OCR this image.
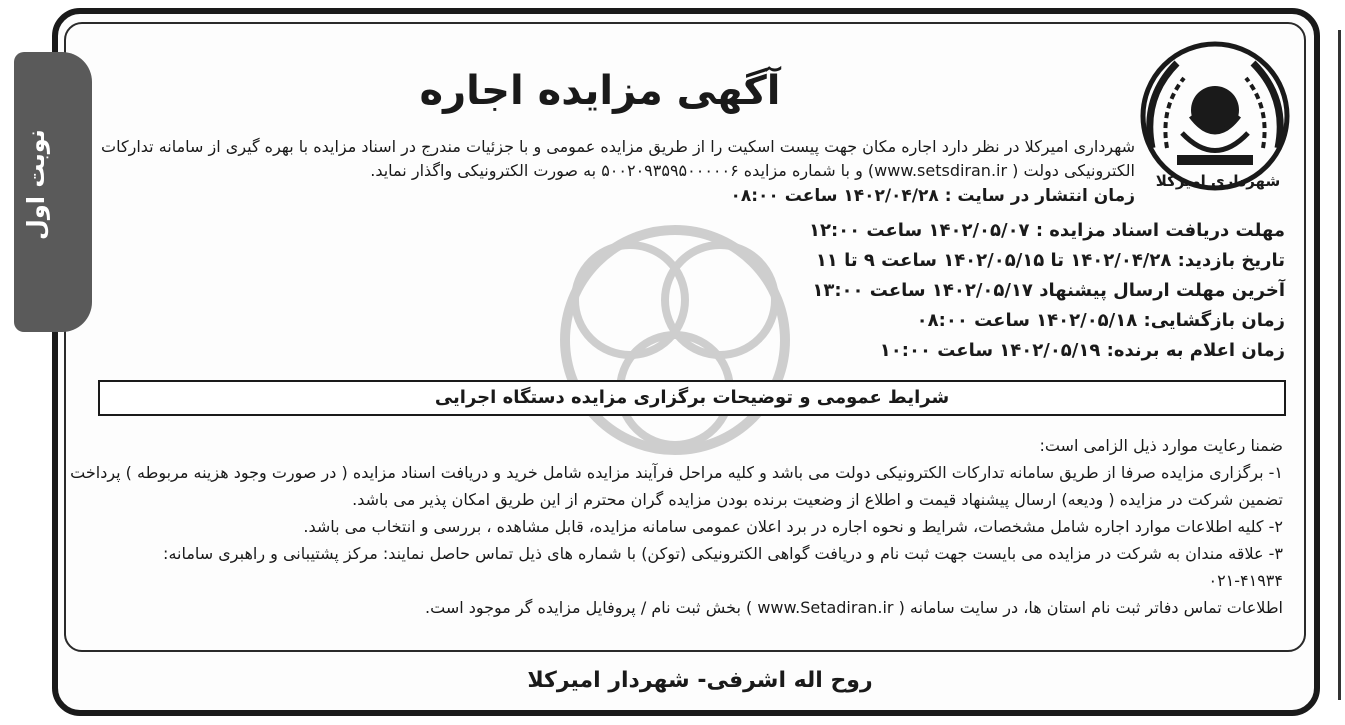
نوبت اول	شهرداری امیرکلا
آگهی مزایده اجاره
شهرداری امیرکلا در نظر دارد اجاره مکان جهت پیست اسکیت را از طریق مزایده عمومی و با جزئیات مندرج در اسناد مزایده با بهره گیری از سامانه تدارکات
الکترونیکی دولت ( www.setsdiran.ir) و با شماره مزایده ۵۰۰۲۰۹۳۵۹۵۰۰۰۰۰۶ به صورت الکترونیکی واگذار نماید.
زمان انتشار در سایت : ۱۴۰۲/۰۴/۲۸ ساعت ۰۸:۰۰
مهلت دریافت اسناد مزایده : ۱۴۰۲/۰۵/۰۷ ساعت ۱۲:۰۰
تاریخ بازدید: ۱۴۰۲/۰۴/۲۸ تا ۱۴۰۲/۰۵/۱۵ ساعت ۹ تا ۱۱
آخرین مهلت ارسال پیشنهاد ۱۴۰۲/۰۵/۱۷ ساعت ۱۳:۰۰
زمان بازگشایی: ۱۴۰۲/۰۵/۱۸ ساعت ۰۸:۰۰
زمان اعلام به برنده: ۱۴۰۲/۰۵/۱۹ ساعت ۱۰:۰۰
شرایط عمومی و توضیحات برگزاری مزایده دستگاه اجرایی
ضمنا رعایت موارد ذیل الزامی است:
۱- برگزاری مزایده صرفا از طریق سامانه تدارکات الکترونیکی دولت می باشد و کلیه مراحل فرآیند مزایده شامل خرید و دریافت اسناد مزایده ( در صورت وجود هزینه مربوطه ) پرداخت
تضمین شرکت در مزایده ( ودیعه) ارسال پیشنهاد قیمت و اطلاع از وضعیت برنده بودن مزایده گران محترم از این طریق امکان پذیر می باشد.
۲- کلیه اطلاعات موارد اجاره شامل مشخصات، شرایط و نحوه اجاره در برد اعلان عمومی سامانه مزایده، قابل مشاهده ، بررسی و انتخاب می باشد.
۳- علاقه مندان به شرکت در مزایده می بایست جهت ثبت نام و دریافت گواهی الکترونیکی (توکن) با شماره های ذیل تماس حاصل نمایند: مرکز پشتیبانی و راهبری سامانه:
۰۲۱-۴۱۹۳۴
اطلاعات تماس دفاتر ثبت نام استان ها، در سایت سامانه ( www.Setadiran.ir ) بخش ثبت نام / پروفایل مزایده گر موجود است.
روح اله اشرفی- شهردار امیرکلا
